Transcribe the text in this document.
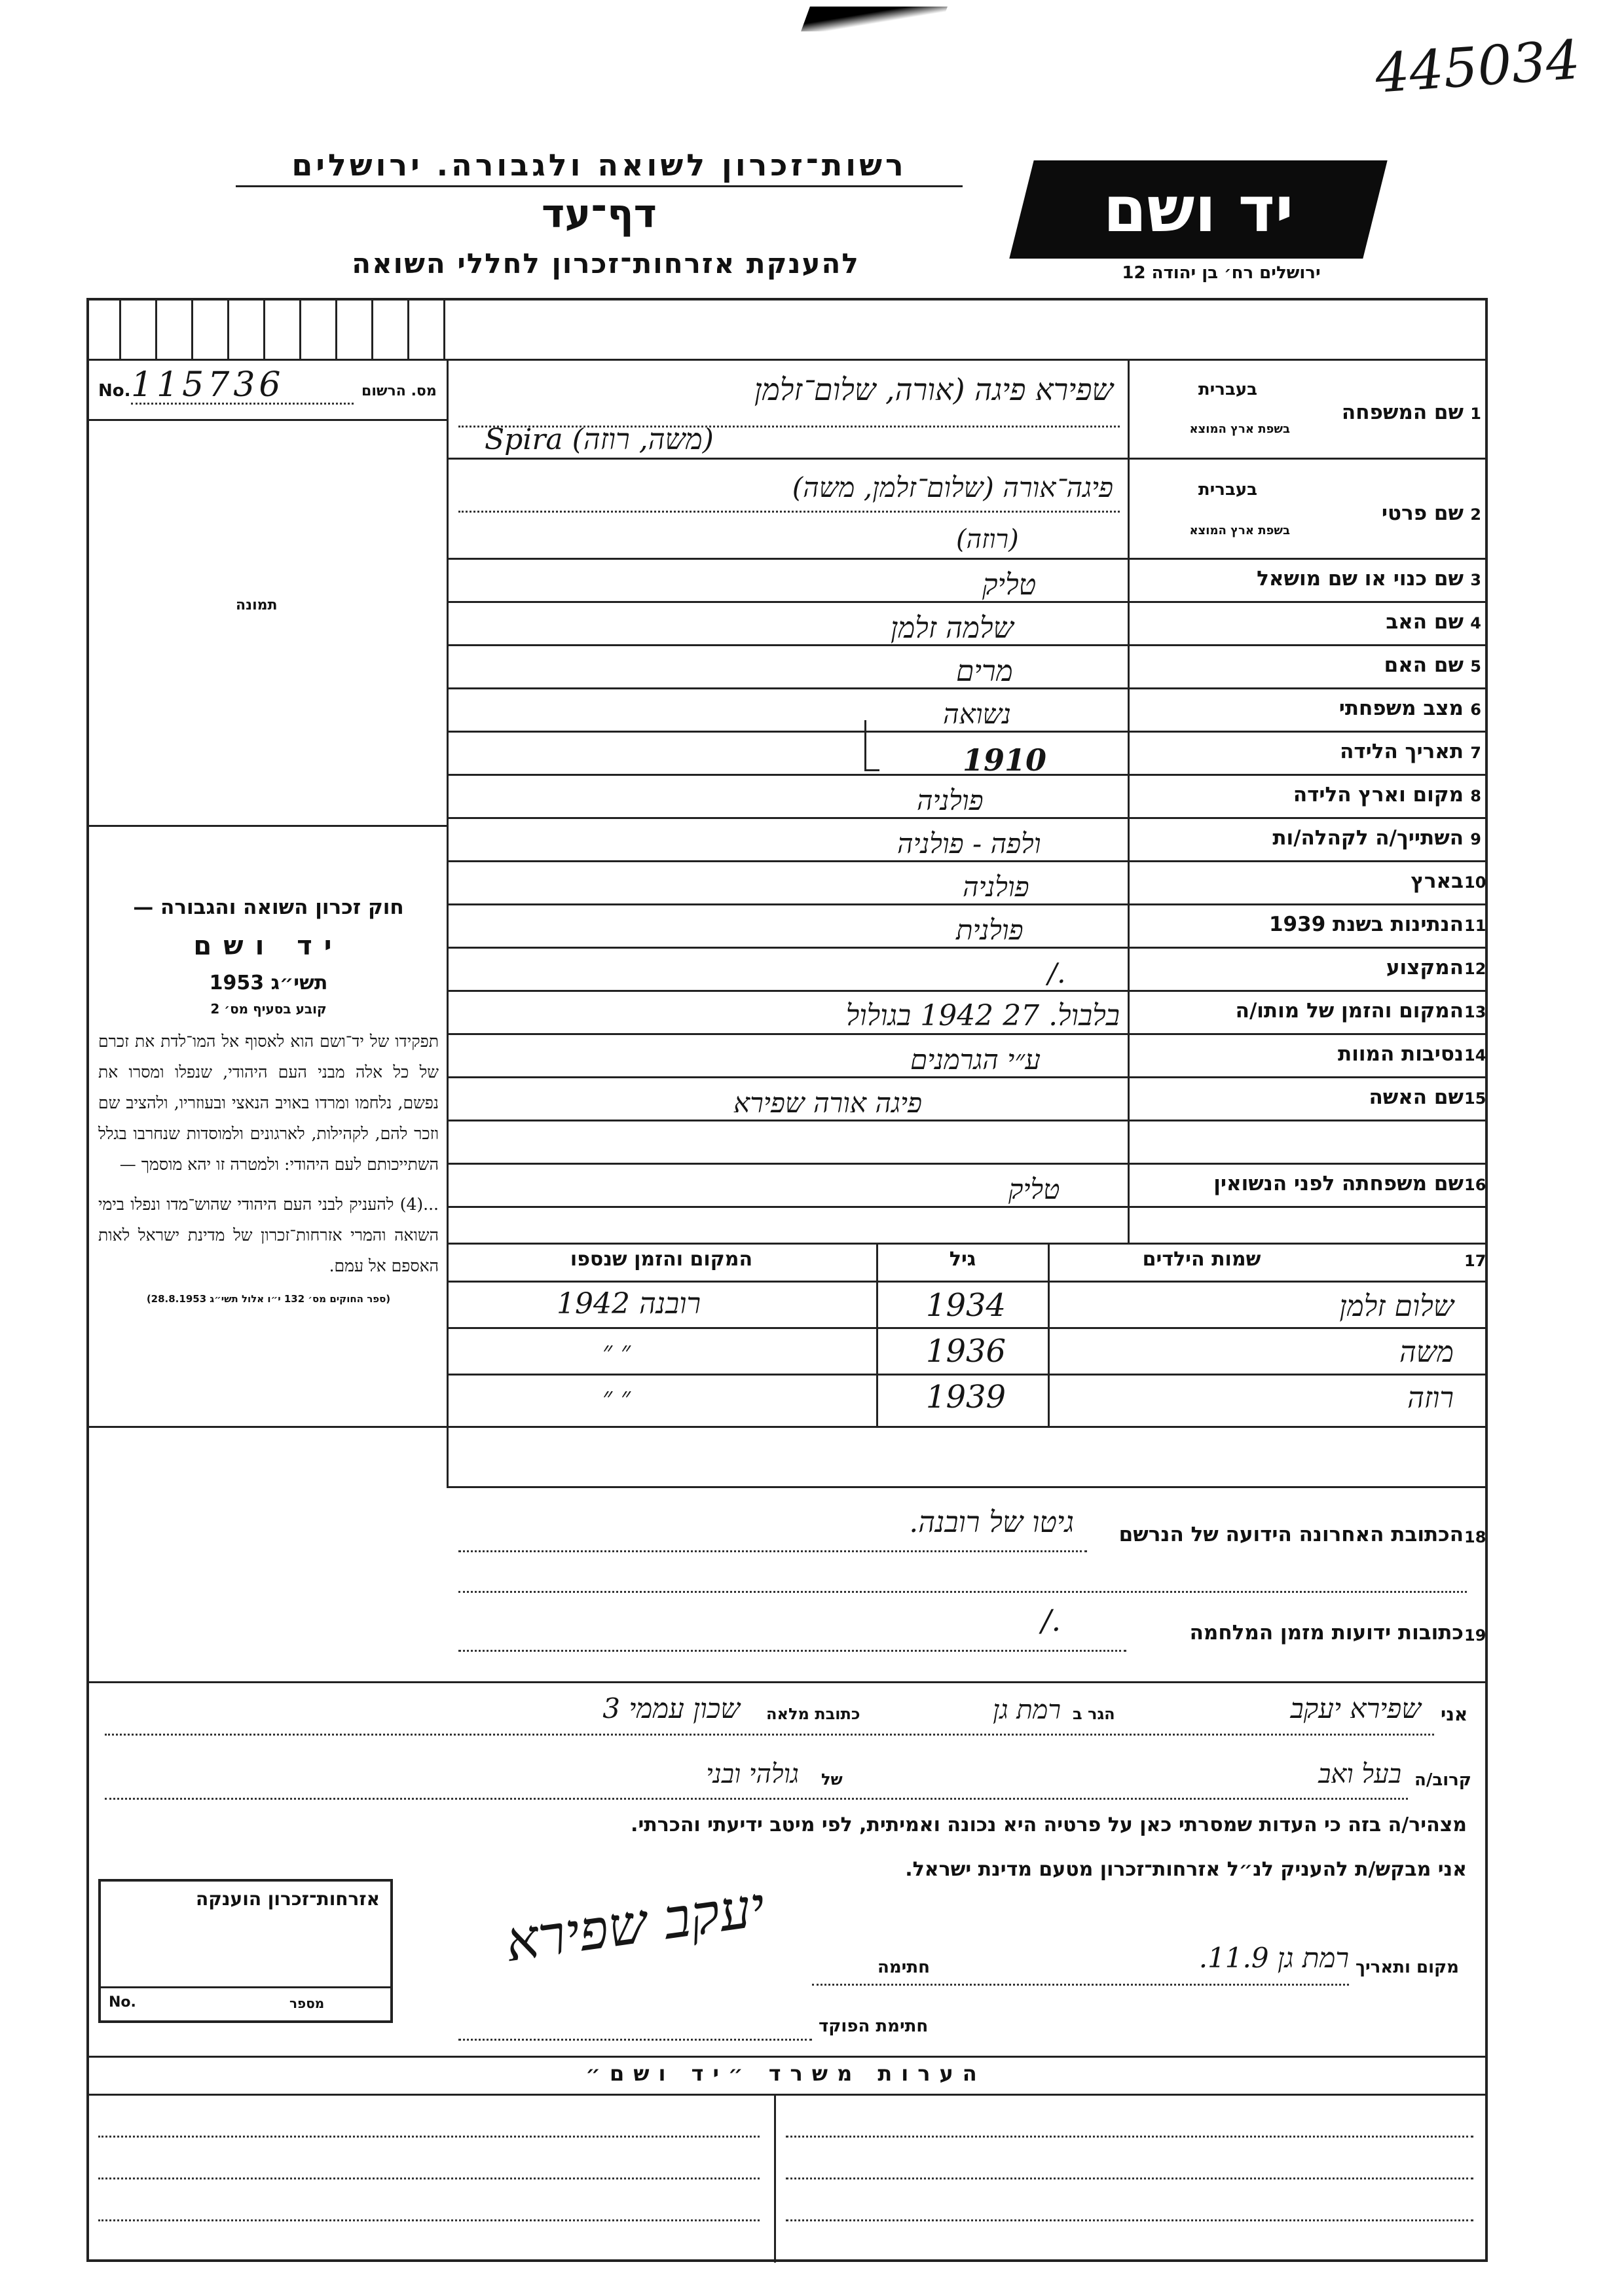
445034
רשות־זכרון לשואה ולגבורה. ירושלים
דף־עד
להענקת אזרחות־זכרון לחללי השואה
יד ושם
ירושלים רח׳ בן יהודה 12
No. 115736	מס. הרשום
תמונה
חוק זכרון השואה והגבורה —
יד ושם
תשי״ג 1953
קובע בסעיף מס׳ 2
תפקידו של יד־ושם הוא לאסוף אל המו־לדת את זכרם של כל אלה מבני העם היהודי, שנפלו ומסרו את נפשם, נלחמו ומרדו באויב הנאצי ובעוזריו, ולהציב שם וזכר להם, לקהילות, לארגונים ולמוסדות שנחרבו בגלל השתייכותם לעם היהודי: ולמטרה זו יהא מוסמך —
...(4) להעניק לבני העם היהודי שהוש־מדו ונפלו בימי השואה והמרי אזרחות־זכרון של מדינת ישראל לאות האספם אל עמם.
(ספר החוקים מס׳ 132 י״ו אלול תשי״ג 28.8.1953)
1
שם המשפחה
בעברית
בשפת ארץ המוצא
2
שם פרטי
בעברית
בשפת ארץ המוצא
3
שם כנוי או שם מושאל
4
שם האב
5
שם האם
6
מצב משפחתי
7
תאריך הלידה
8
מקום וארץ הלידה
9
השתייך/ה לקהלה/ות
10
בארץ
11
הנתינות בשנת 1939
12
המקצוע
13
המקום והזמן של מותו/ה
14
נסיבות המוות
15
שם האשה
16
שם משפחתה לפני הנשואין
שפירא פיגה (אורה, שלום־זלמן
Spira (משה, רוזה)
פיגה־אורה (שלום־זלמן, משה)
(רוזה)
טליק
שלמה זלמן
מרים
נשואה
1910
פולניה
ולפה - פולניה
פולניה
פולנית
/.
בלבול. 27 1942 בגולול
ע״י הגרמנים
פיגה אורה שפירא
טליק
17
שמות הילדים
גיל
המקום והזמן שנספו
שלום זלמן
1934
1942 רובנה
משה
1936
״ ״
רוזה
1939
״ ״
18
הכתובת האחרונה הידועה של הנרשם
גיטו של רובנה.
19
כתובות ידועות מזמן המלחמה
/.
אני
שפירא יעקב
הגר ב
רמת גן
כתובת מלאה
שכון עממי 3
קרוב/ה
בעל ואב
של
גולהי ובני
מצהיר/ה בזה כי העדות שמסרתי כאן על פרטיה היא נכונה ואמיתית, לפי מיטב ידיעתי והכרתי.
אני מבקש/ת להעניק לנ״ל אזרחות־זכרון מטעם מדינת ישראל.
מקום ותאריך
רמת גן 11.9.
חתימה
יעקב שפירא
חתימת הפוקד
אזרחות־זכרון הוענקה
No.	מספר
הערות משרד ״יד ושם״
